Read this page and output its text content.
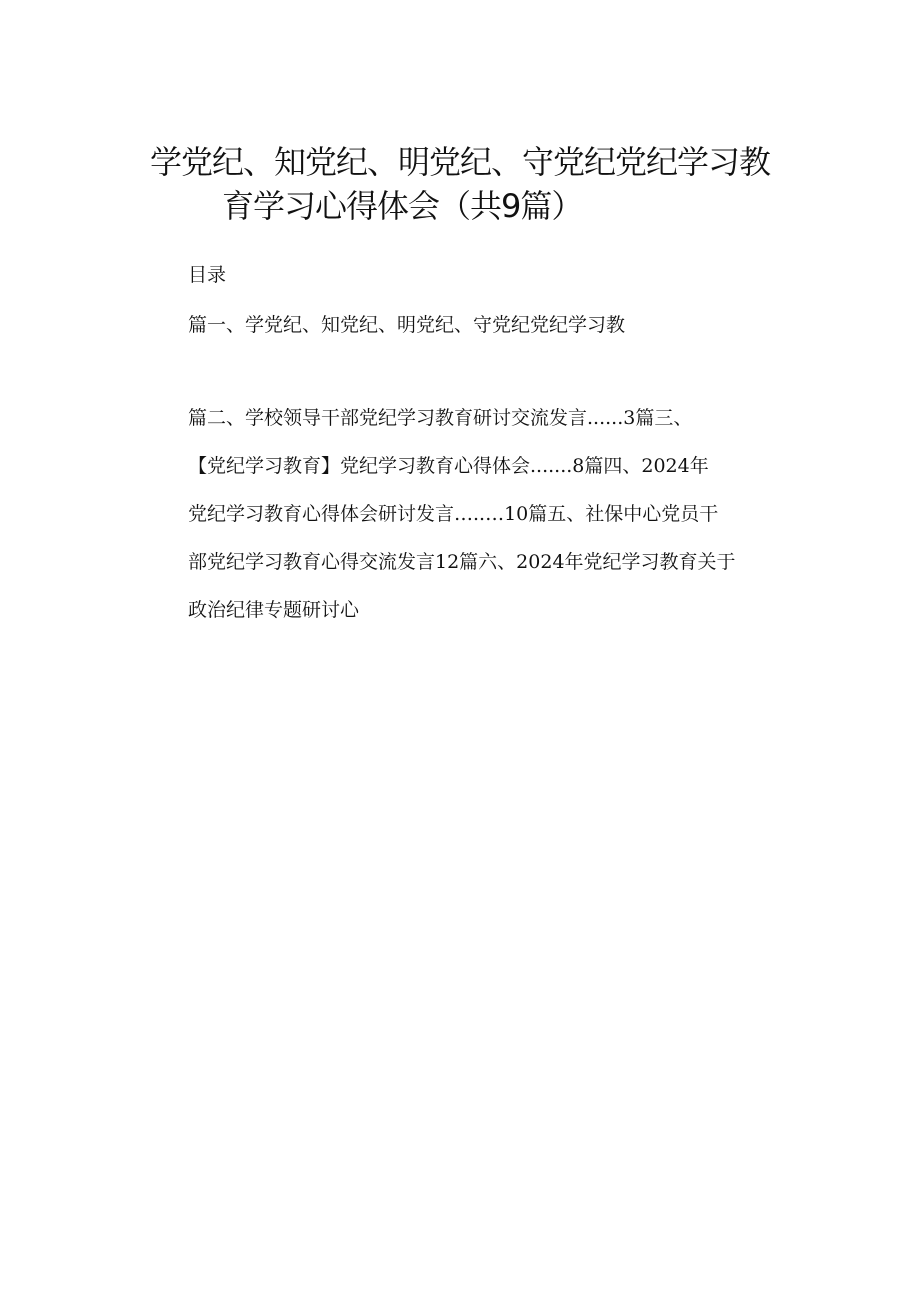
学党纪、知党纪、明党纪、守党纪党纪学习教
育学习心得体会（共9篇）
目录
篇一、学党纪、知党纪、明党纪、守党纪党纪学习教
篇二、学校领导干部党纪学习教育研讨交流发言......3篇三、
【党纪学习教育】党纪学习教育心得体会.......8篇四、2024年
党纪学习教育心得体会研讨发言…..…10篇五、社保中心党员干
部党纪学习教育心得交流发言12篇六、2024年党纪学习教育关于
政治纪律专题研讨心
